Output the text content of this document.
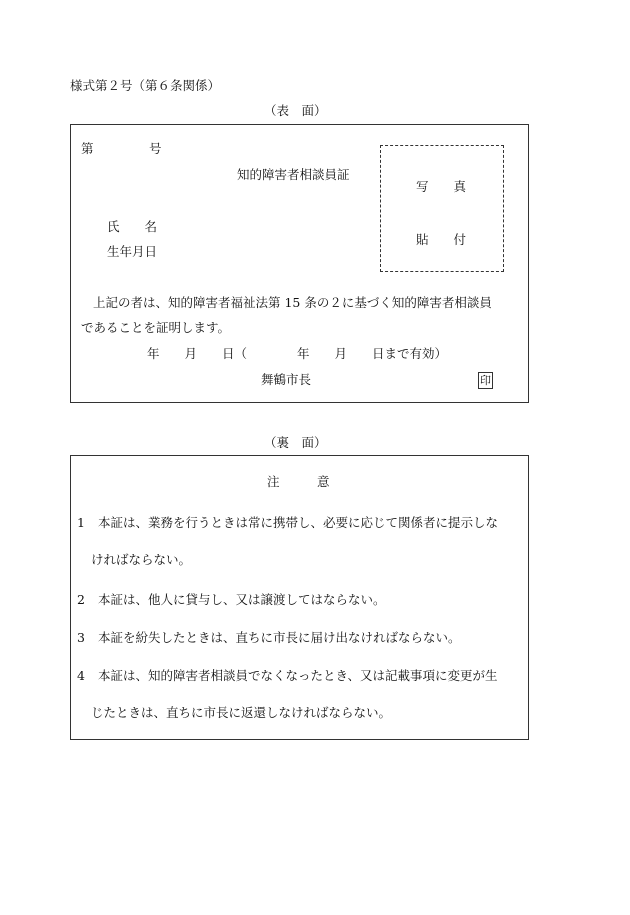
様式第２号（第６条関係）
（表　面）
第	号
知的障害者相談員証
氏　　名
生年月日
写　　真
貼　　付
上記の者は、知的障害者福祉法第 15 条の２に基づく知的障害者相談員
であることを証明します。
年　　月　　日（　　　　年　　月　　日まで有効）
舞鶴市長	印
（裏　面）
注　　　意
1 本証は、業務を行うときは常に携帯し、必要に応じて関係者に提示しな
ければならない。
2 本証は、他人に貸与し、又は譲渡してはならない。
3 本証を紛失したときは、直ちに市長に届け出なければならない。
4 本証は、知的障害者相談員でなくなったとき、又は記載事項に変更が生
じたときは、直ちに市長に返還しなければならない。
